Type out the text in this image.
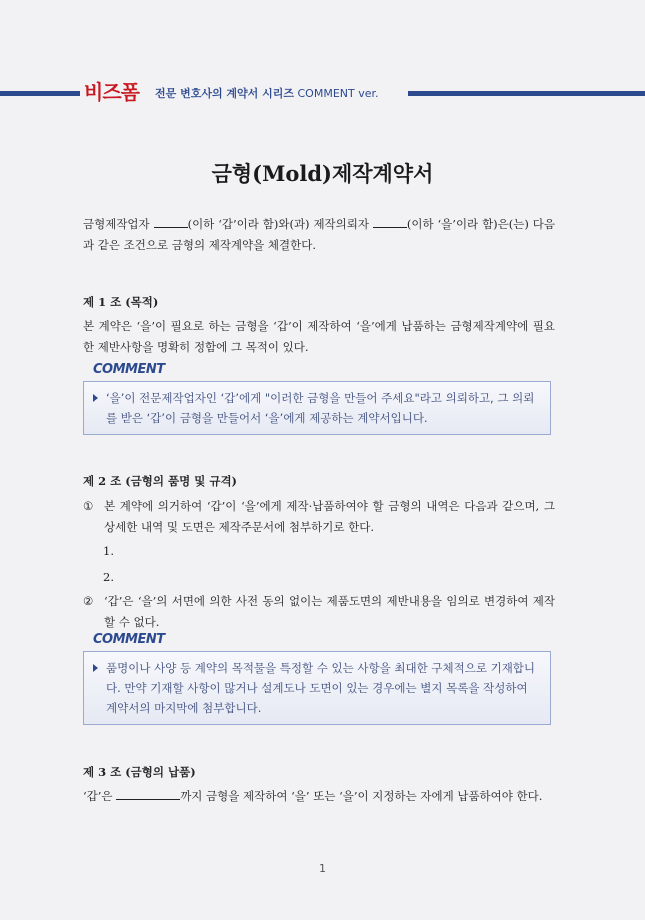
비즈폼 전문 변호사의 계약서 시리즈 COMMENT ver.
금형(Mold)제작계약서
금형제작업자	(이하 ‘갑’이라 함)와(과) 제작의뢰자	(이하 ‘을’이라 함)은(는) 다음과 같은 조건으로 금형의 제작계약을 체결한다.
제 1 조 (목적)
본 계약은 ‘을’이 필요로 하는 금형을 ‘갑’이 제작하여 ‘을’에게 납품하는 금형제작계약에 필요한 제반사항을 명확히 정함에 그 목적이 있다.
COMMENT
‘을’이 전문제작업자인 ‘갑’에게 "이러한 금형을 만들어 주세요"라고 의뢰하고, 그 의뢰를 받은 ‘갑’이 금형을 만들어서 ‘을’에게 제공하는 계약서입니다.
제 2 조 (금형의 품명 및 규격)
① 본 계약에 의거하여 ‘갑’이 ‘을’에게 제작·납품하여야 할 금형의 내역은 다음과 같으며, 그 상세한 내역 및 도면은 제작주문서에 첨부하기로 한다.
1.
2.
② ‘갑’은 ‘을’의 서면에 의한 사전 동의 없이는 제품도면의 제반내용을 임의로 변경하여 제작할 수 없다.
COMMENT
품명이나 사양 등 계약의 목적물을 특정할 수 있는 사항을 최대한 구체적으로 기재합니다. 만약 기재할 사항이 많거나 설계도나 도면이 있는 경우에는 별지 목록을 작성하여 계약서의 마지막에 첨부합니다.
제 3 조 (금형의 납품)
‘갑’은	까지 금형을 제작하여 ‘을’ 또는 ‘을’이 지정하는 자에게 납품하여야 한다.
1
